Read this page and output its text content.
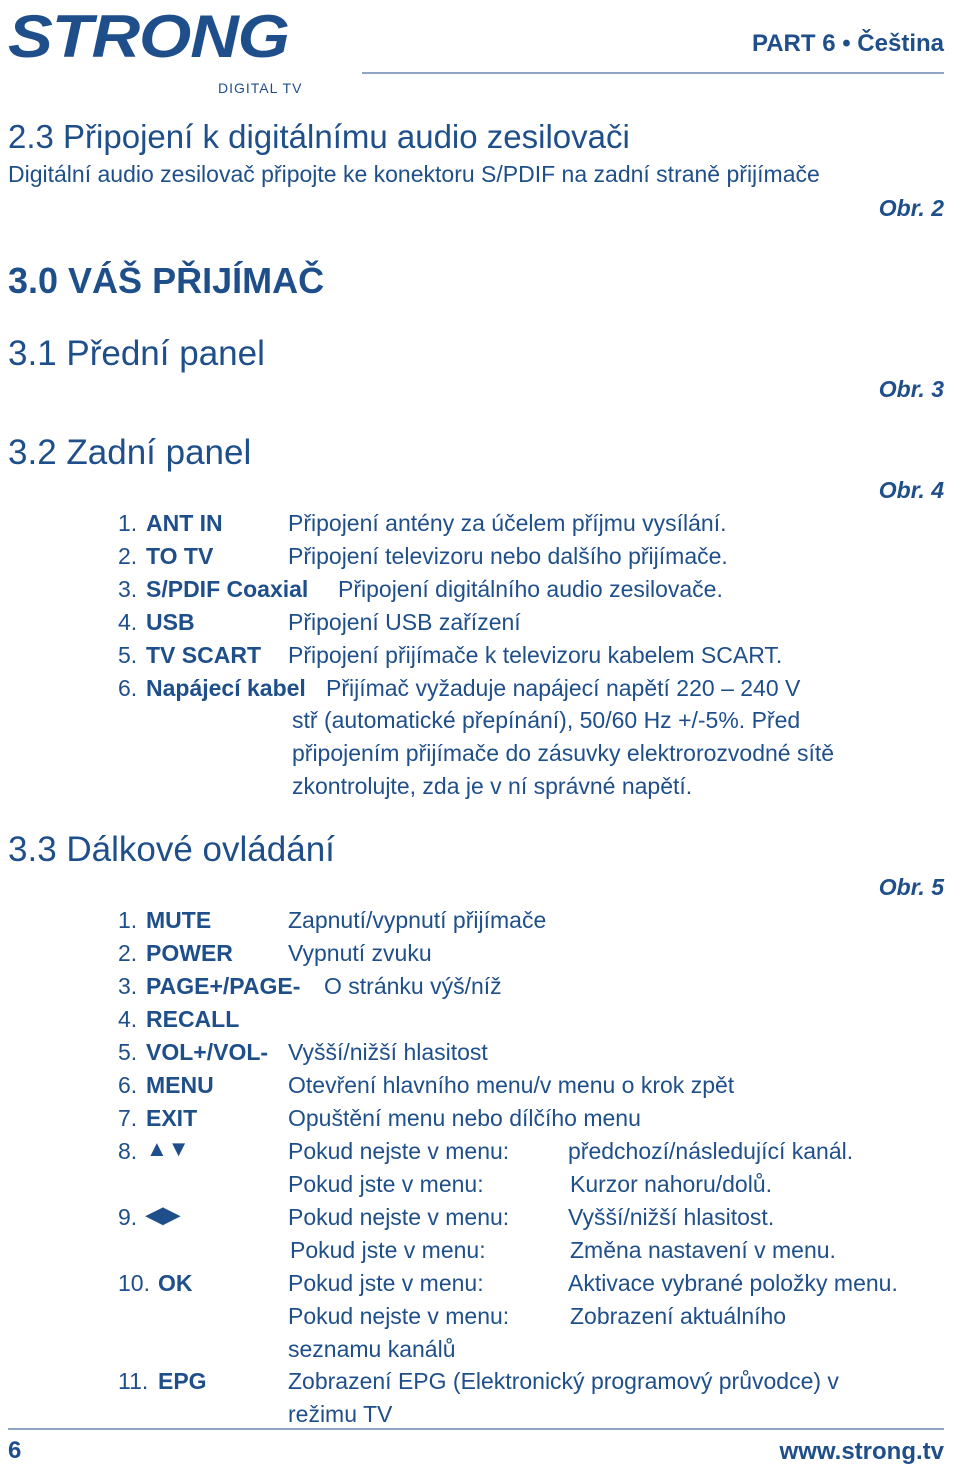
STRONG
DIGITAL TV
PART 6 • Čeština
2.3 Připojení k digitálnímu audio zesilovači
Digitální audio zesilovač připojte ke konektoru S/PDIF na zadní straně přijímače
Obr. 2
3.0 VÁŠ PŘIJÍMAČ
3.1 Přední panel
Obr. 3
3.2 Zadní panel
Obr. 4
1. ANT IN	Připojení antény za účelem příjmu vysílání.
2. TO TV	Připojení televizoru nebo dalšího přijímače.
3. S/PDIF Coaxial Připojení digitálního audio zesilovače.
4. USB	Připojení USB zařízení
5. TV SCART Připojení přijímače k televizoru kabelem SCART.
6. Napájecí kabel Přijímač vyžaduje napájecí napětí 220 – 240 V
stř (automatické přepínání), 50/60 Hz +/-5%. Před
připojením přijímače do zásuvky elektrorozvodné sítě
zkontrolujte, zda je v ní správné napětí.
3.3 Dálkové ovládání
Obr. 5
1. MUTE	Zapnutí/vypnutí přijímače
2. POWER Vypnutí zvuku
3. PAGE+/PAGE- O stránku výš/níž
4. RECALL
5. VOL+/VOL- Vyšší/nižší hlasitost
6. MENU	Otevření hlavního menu/v menu o krok zpět
7. EXIT	Opuštění menu nebo dílčího menu
8. ▲▼	Pokud nejste v menu:	předchozí/následující kanál.
Pokud jste v menu:	Kurzor nahoru/dolů.
9. ◀▶	Pokud nejste v menu:	Vyšší/nižší hlasitost.
Pokud jste v menu:	Změna nastavení v menu.
10. OK	Pokud jste v menu:	Aktivace vybrané položky menu.
Pokud nejste v menu:	Zobrazení aktuálního
seznamu kanálů
11. EPG	Zobrazení EPG (Elektronický programový průvodce) v
režimu TV
6	www.strong.tv
